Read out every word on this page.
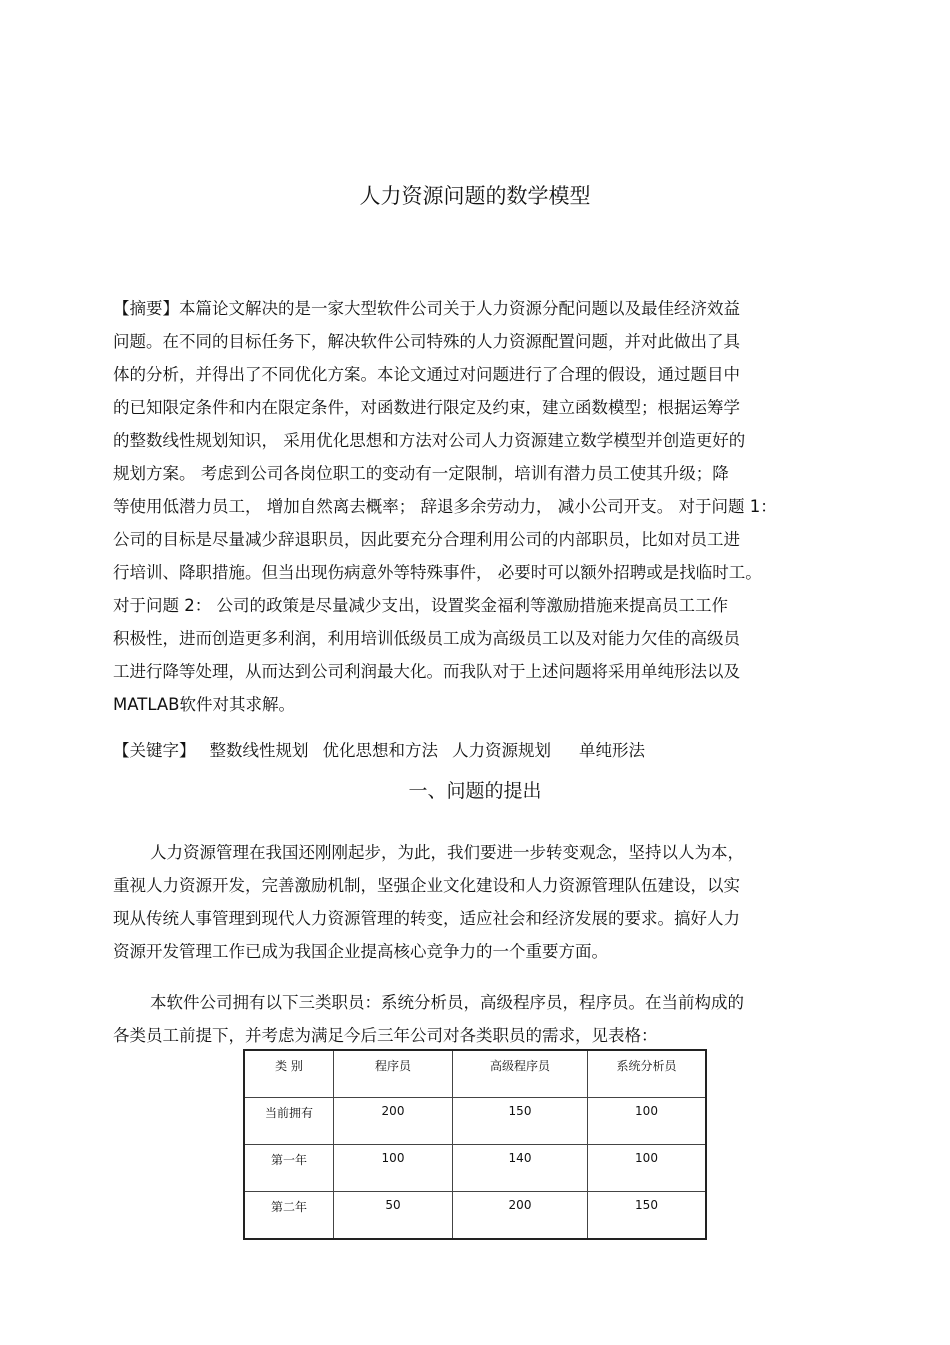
人力资源问题的数学模型
【摘要】本篇论文解决的是一家大型软件公司关于人力资源分配问题以及最佳经济效益
问题。在不同的目标任务下，解决软件公司特殊的人力资源配置问题，并对此做出了具
体的分析，并得出了不同优化方案。本论文通过对问题进行了合理的假设，通过题目中
的已知限定条件和内在限定条件，对函数进行限定及约束，建立函数模型；根据运筹学
的整数线性规划知识， 采用优化思想和方法对公司人力资源建立数学模型并创造更好的
规划方案。 考虑到公司各岗位职工的变动有一定限制，培训有潜力员工使其升级；降
等使用低潜力员工， 增加自然离去概率； 辞退多余劳动力， 减小公司开支。 对于问题 1：
公司的目标是尽量减少辞退职员，因此要充分合理利用公司的内部职员，比如对员工进
行培训、降职措施。但当出现伤病意外等特殊事件， 必要时可以额外招聘或是找临时工。
对于问题 2： 公司的政策是尽量减少支出，设置奖金福利等激励措施来提高员工工作
积极性，进而创造更多利润，利用培训低级员工成为高级员工以及对能力欠佳的高级员
工进行降等处理，从而达到公司利润最大化。而我队对于上述问题将采用单纯形法以及
MATLAB软件对其求解。
【关键字】 整数线性规划 优化思想和方法 人力资源规划 单纯形法
一、问题的提出
人力资源管理在我国还刚刚起步，为此，我们要进一步转变观念，坚持以人为本，
重视人力资源开发，完善激励机制，坚强企业文化建设和人力资源管理队伍建设，以实
现从传统人事管理到现代人力资源管理的转变，适应社会和经济发展的要求。搞好人力
资源开发管理工作已成为我国企业提高核心竞争力的一个重要方面。
本软件公司拥有以下三类职员：系统分析员，高级程序员，程序员。在当前构成的
各类员工前提下，并考虑为满足今后三年公司对各类职员的需求，见表格：
类 别	程序员	高级程序员	系统分析员
当前拥有	200	150	100
第一年	100	140	100
第二年	50	200	150
